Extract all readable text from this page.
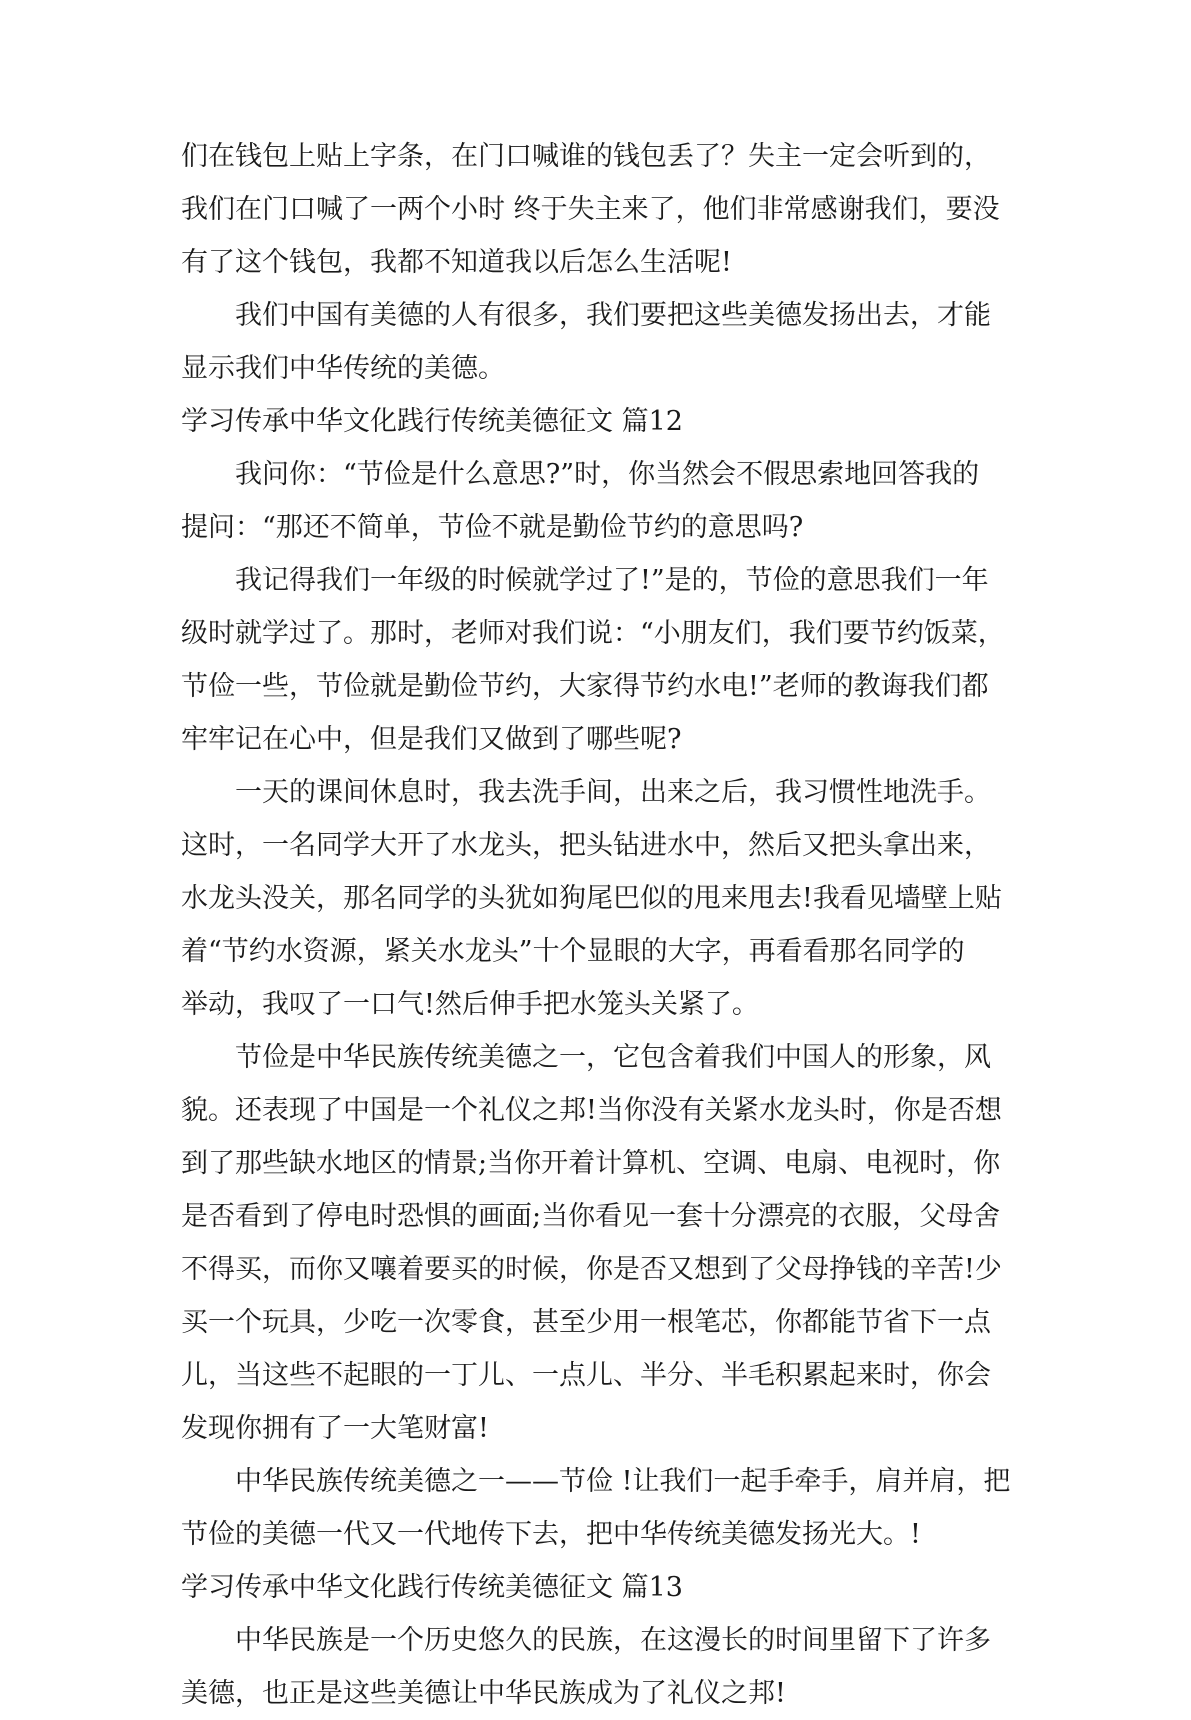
们在钱包上贴上字条，在门口喊谁的钱包丢了？失主一定会听到的，
我们在门口喊了一两个小时 终于失主来了，他们非常感谢我们，要没
有了这个钱包，我都不知道我以后怎么生活呢!
我们中国有美德的人有很多，我们要把这些美德发扬出去，才能
显示我们中华传统的美德。
学习传承中华文化践行传统美德征文 篇12
我问你：“节俭是什么意思?”时，你当然会不假思索地回答我的
提问：“那还不简单，节俭不就是勤俭节约的意思吗?
我记得我们一年级的时候就学过了!”是的，节俭的意思我们一年
级时就学过了。那时，老师对我们说：“小朋友们，我们要节约饭菜，
节俭一些，节俭就是勤俭节约，大家得节约水电!”老师的教诲我们都
牢牢记在心中，但是我们又做到了哪些呢?
一天的课间休息时，我去洗手间，出来之后，我习惯性地洗手。
这时，一名同学大开了水龙头，把头钻进水中，然后又把头拿出来，
水龙头没关，那名同学的头犹如狗尾巴似的甩来甩去!我看见墙壁上贴
着“节约水资源，紧关水龙头”十个显眼的大字，再看看那名同学的
举动，我叹了一口气!然后伸手把水笼头关紧了。
节俭是中华民族传统美德之一，它包含着我们中国人的形象，风
貌。还表现了中国是一个礼仪之邦!当你没有关紧水龙头时，你是否想
到了那些缺水地区的情景;当你开着计算机、空调、电扇、电视时，你
是否看到了停电时恐惧的画面;当你看见一套十分漂亮的衣服，父母舍
不得买，而你又嚷着要买的时候，你是否又想到了父母挣钱的辛苦!少
买一个玩具，少吃一次零食，甚至少用一根笔芯，你都能节省下一点
儿，当这些不起眼的一丁儿、一点儿、半分、半毛积累起来时，你会
发现你拥有了一大笔财富!
中华民族传统美德之一——节俭 !让我们一起手牵手，肩并肩，把
节俭的美德一代又一代地传下去，把中华传统美德发扬光大。!
学习传承中华文化践行传统美德征文 篇13
中华民族是一个历史悠久的民族，在这漫长的时间里留下了许多
美德，也正是这些美德让中华民族成为了礼仪之邦!
